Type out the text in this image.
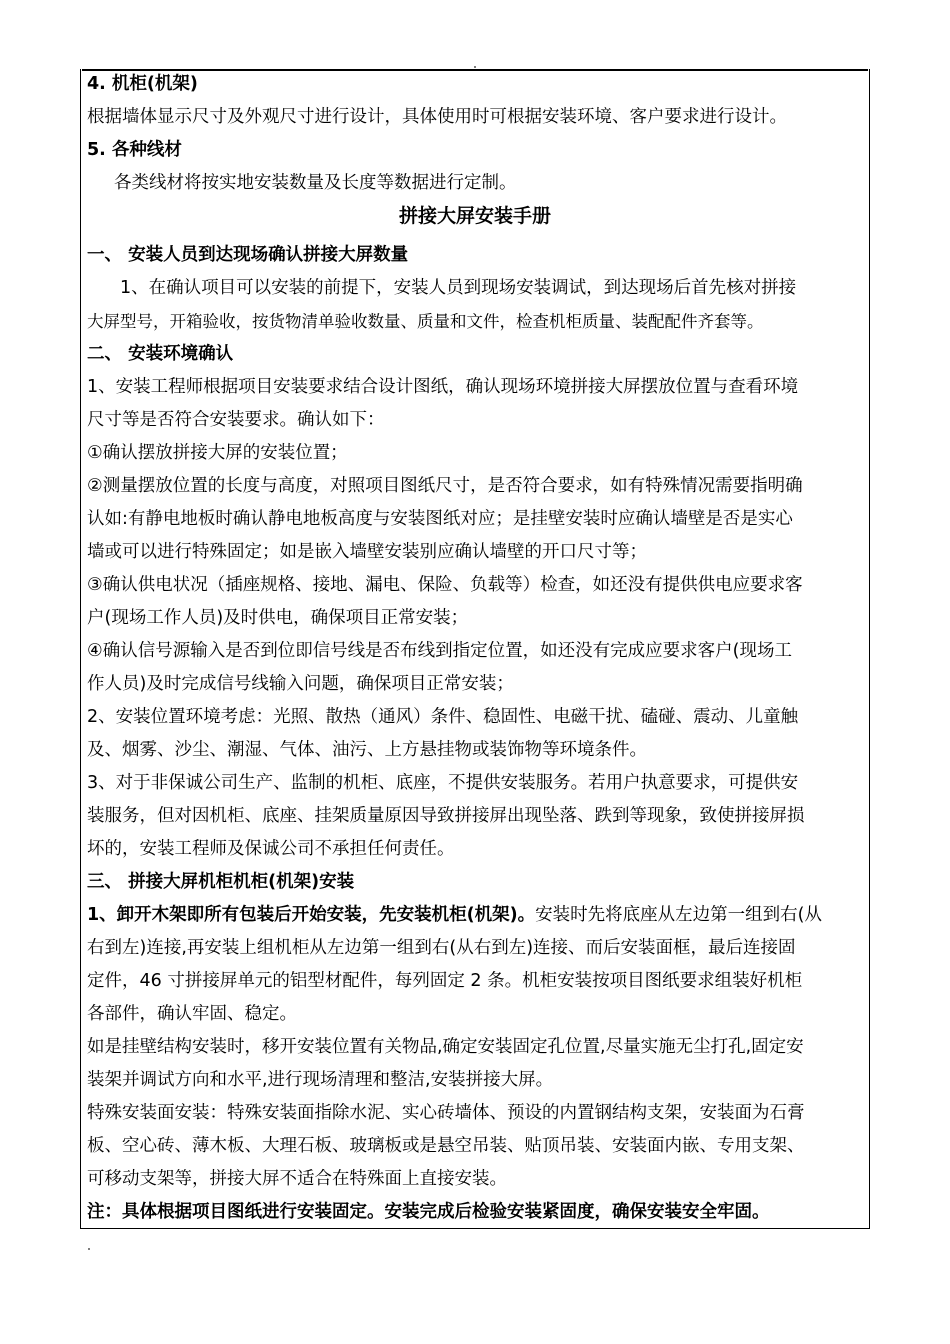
4. 机柜(机架)
根据墙体显示尺寸及外观尺寸进行设计，具体使用时可根据安装环境、客户要求进行设计。
5. 各种线材
各类线材将按实地安装数量及长度等数据进行定制。
拼接大屏安装手册
一、 安装人员到达现场确认拼接大屏数量
1、在确认项目可以安装的前提下，安装人员到现场安装调试，到达现场后首先核对拼接
大屏型号，开箱验收，按货物清单验收数量、质量和文件，检查机柜质量、装配配件齐套等。
二、 安装环境确认
1、安装工程师根据项目安装要求结合设计图纸，确认现场环境拼接大屏摆放位置与查看环境
尺寸等是否符合安装要求。确认如下：
①确认摆放拼接大屏的安装位置；
②测量摆放位置的长度与高度，对照项目图纸尺寸，是否符合要求，如有特殊情况需要指明确
认如:有静电地板时确认静电地板高度与安装图纸对应；是挂壁安装时应确认墙壁是否是实心
墙或可以进行特殊固定；如是嵌入墙壁安装别应确认墙壁的开口尺寸等；
③确认供电状况（插座规格、接地、漏电、保险、负载等）检查，如还没有提供供电应要求客
户(现场工作人员)及时供电，确保项目正常安装；
④确认信号源输入是否到位即信号线是否布线到指定位置，如还没有完成应要求客户(现场工
作人员)及时完成信号线输入问题，确保项目正常安装；
2、安装位置环境考虑：光照、散热（通风）条件、稳固性、电磁干扰、磕碰、震动、儿童触
及、烟雾、沙尘、潮湿、气体、油污、上方悬挂物或装饰物等环境条件。
3、对于非保诚公司生产、监制的机柜、底座，不提供安装服务。若用户执意要求，可提供安
装服务，但对因机柜、底座、挂架质量原因导致拼接屏出现坠落、跌到等现象，致使拼接屏损
坏的，安装工程师及保诚公司不承担任何责任。
三、 拼接大屏机柜机柜(机架)安装
1、卸开木架即所有包装后开始安装，先安装机柜(机架)。安装时先将底座从左边第一组到右(从
右到左)连接,再安装上组机柜从左边第一组到右(从右到左)连接、而后安装面框，最后连接固
定件，46 寸拼接屏单元的铝型材配件，每列固定 2 条。机柜安装按项目图纸要求组装好机柜
各部件，确认牢固、稳定。
如是挂壁结构安装时，移开安装位置有关物品,确定安装固定孔位置,尽量实施无尘打孔,固定安
装架并调试方向和水平,进行现场清理和整洁,安装拼接大屏。
特殊安装面安装：特殊安装面指除水泥、实心砖墙体、预设的内置钢结构支架，安装面为石膏
板、空心砖、薄木板、大理石板、玻璃板或是悬空吊装、贴顶吊装、安装面内嵌、专用支架、
可移动支架等，拼接大屏不适合在特殊面上直接安装。
注：具体根据项目图纸进行安装固定。安装完成后检验安装紧固度，确保安装安全牢固。
